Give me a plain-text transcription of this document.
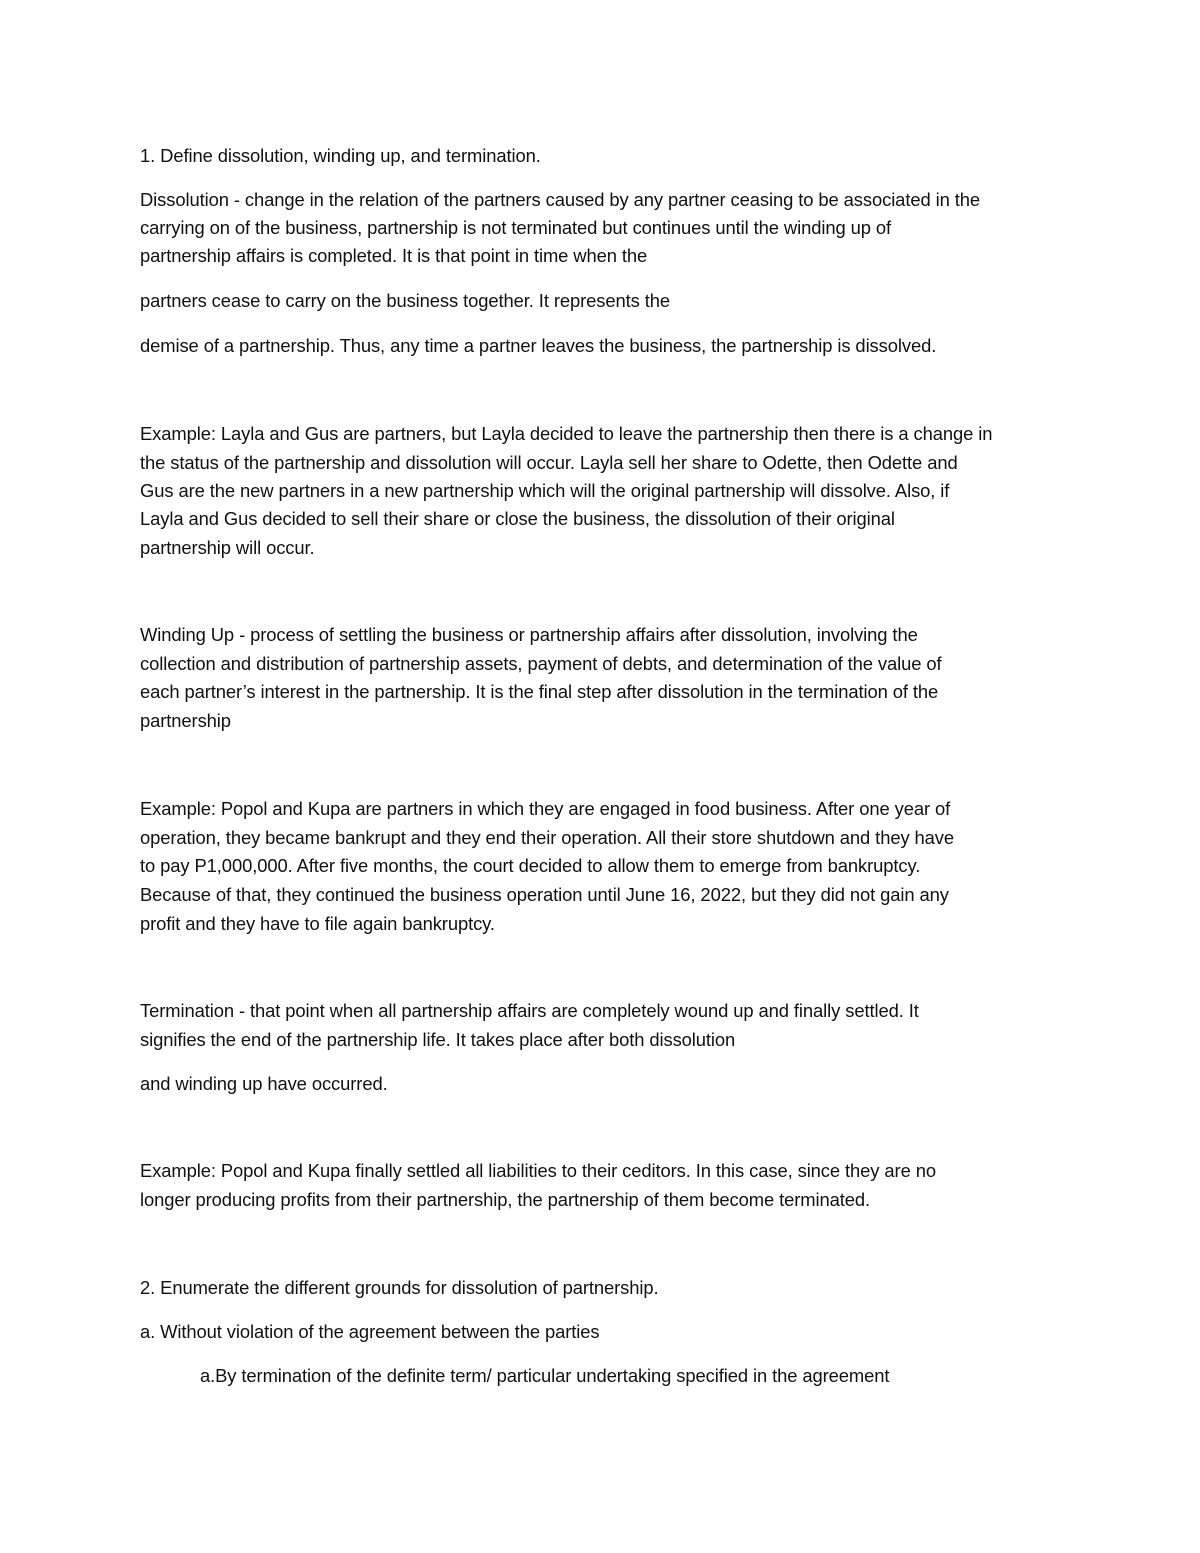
1. Define dissolution, winding up, and termination.
Dissolution - change in the relation of the partners caused by any partner ceasing to be associated in the
carrying on of the business, partnership is not terminated but continues until the winding up of
partnership affairs is completed. It is that point in time when the
partners cease to carry on the business together. It represents the
demise of a partnership. Thus, any time a partner leaves the business, the partnership is dissolved.
Example: Layla and Gus are partners, but Layla decided to leave the partnership then there is a change in
the status of the partnership and dissolution will occur. Layla sell her share to Odette, then Odette and
Gus are the new partners in a new partnership which will the original partnership will dissolve. Also, if
Layla and Gus decided to sell their share or close the business, the dissolution of their original
partnership will occur.
Winding Up - process of settling the business or partnership affairs after dissolution, involving the
collection and distribution of partnership assets, payment of debts, and determination of the value of
each partner’s interest in the partnership. It is the final step after dissolution in the termination of the
partnership
Example: Popol and Kupa are partners in which they are engaged in food business. After one year of
operation, they became bankrupt and they end their operation. All their store shutdown and they have
to pay P1,000,000. After five months, the court decided to allow them to emerge from bankruptcy.
Because of that, they continued the business operation until June 16, 2022, but they did not gain any
profit and they have to file again bankruptcy.
Termination - that point when all partnership affairs are completely wound up and finally settled. It
signifies the end of the partnership life. It takes place after both dissolution
and winding up have occurred.
Example: Popol and Kupa finally settled all liabilities to their ceditors. In this case, since they are no
longer producing profits from their partnership, the partnership of them become terminated.
2. Enumerate the different grounds for dissolution of partnership.
a. Without violation of the agreement between the parties
a.By termination of the definite term/ particular undertaking specified in the agreement
